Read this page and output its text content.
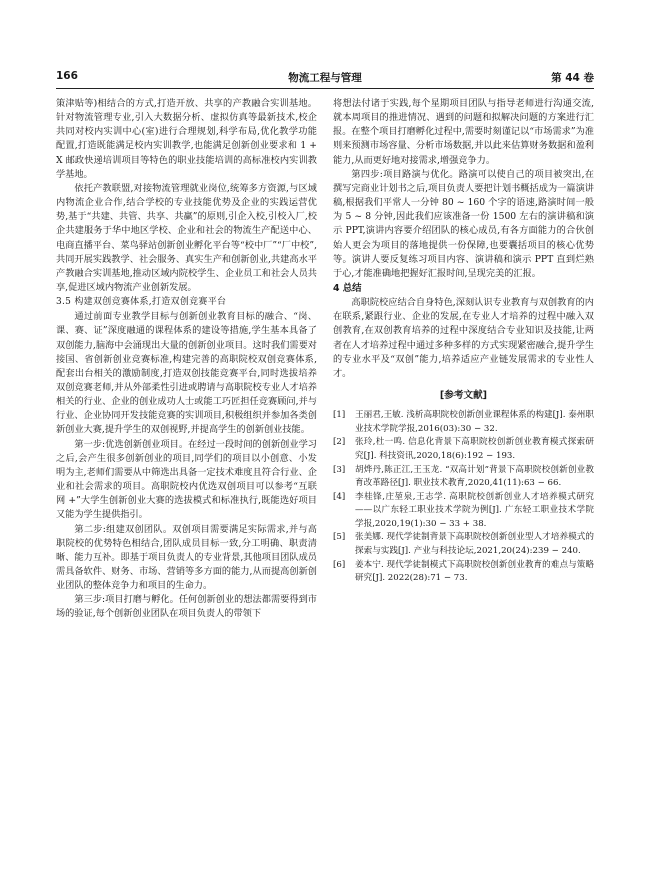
166	物流工程与管理	第 44 卷

策津贴等)相结合的方式,打造开放、共享的产教融合实训基地。针对物流管理专业,引入大数据分析、虚拟仿真等最新技术,校企共同对校内实训中心(室)进行合理规划,科学布局,优化教学功能配置,打造既能满足校内实训教学,也能满足创新创业要求和 1 + X 邮政快递培训项目等特色的职业技能培训的高标准校内实训教学基地。

依托产教联盟,对接物流管理就业岗位,统筹多方资源,与区域内物流企业合作,结合学校的专业技能优势及企业的实践运营优势,基于“共建、共管、共享、共赢”的原则,引企入校,引校入厂,校企共建服务于华中地区学校、企业和社会的物流生产配送中心、电商直播平台、菜鸟驿站创新创业孵化平台等“校中厂”“厂中校”,共同开展实践教学、社会服务、真实生产和创新创业,共建高水平产教融合实训基地,推动区域内院校学生、企业员工和社会人员共享,促进区域内物流产业创新发展。

3.5 构建双创竞赛体系,打造双创竞赛平台

通过前面专业教学目标与创新创业教育目标的融合、“岗、课、赛、证”深度融通的课程体系的建设等措施,学生基本具备了双创能力,脑海中会涌现出大量的创新创业项目。这时我们需要对接国、省创新创业竞赛标准,构建完善的高职院校双创竞赛体系,配套出台相关的激励制度,打造双创技能竞赛平台,同时选拔培养双创竞赛老师,并从外部柔性引进或聘请与高职院校专业人才培养相关的行业、企业的创业成功人士或能工巧匠担任竞赛顾问,并与行业、企业协同开发技能竞赛的实训项目,积极组织并参加各类创新创业大赛,提升学生的双创视野,并提高学生的创新创业技能。

第一步:优选创新创业项目。在经过一段时间的创新创业学习之后,会产生很多创新创业的项目,同学们的项目以小创意、小发明为主,老师们需要从中筛选出具备一定技术难度且符合行业、企业和社会需求的项目。高职院校内优选双创项目可以参考“互联网 +”大学生创新创业大赛的选拔模式和标准执行,既能选好项目又能为学生提供指引。

第二步:组建双创团队。双创项目需要满足实际需求,并与高职院校的优势特色相结合,团队成员目标一致,分工明确、职责清晰、能力互补。即基于项目负责人的专业背景,其他项目团队成员需具备软件、财务、市场、营销等多方面的能力,从而提高创新创业团队的整体竞争力和项目的生命力。

第三步:项目打磨与孵化。任何创新创业的想法都需要得到市场的验证,每个创新创业团队在项目负责人的带领下

将想法付诸于实践,每个星期项目团队与指导老师进行沟通交流,就本周项目的推进情况、遇到的问题和拟解决问题的方案进行汇报。在整个项目打磨孵化过程中,需要时刻谨记以“市场需求”为准则来预测市场容量、分析市场数据,并以此来估算财务数据和盈利能力,从而更好地对接需求,增强竞争力。

第四步:项目路演与优化。路演可以使自己的项目被突出,在撰写完商业计划书之后,项目负责人要把计划书概括成为一篇演讲稿,根据我们平常人一分钟 80 ~ 160 个字的语速,路演时间一般为 5 ~ 8 分钟,因此我们应该准备一份 1500 左右的演讲稿和演示 PPT,演讲内容要介绍团队的核心成员,有各方面能力的合伙创始人更会为项目的落地提供一份保障,也要囊括项目的核心优势等。演讲人要反复练习项目内容、演讲稿和演示 PPT 直到烂熟于心,才能准确地把握好汇报时间,呈现完美的汇报。

4 总结

高职院校应结合自身特色,深刻认识专业教育与双创教育的内在联系,紧跟行业、企业的发展,在专业人才培养的过程中融入双创教育,在双创教育培养的过程中深度结合专业知识及技能,让两者在人才培养过程中通过多种多样的方式实现紧密融合,提升学生的专业水平及“双创”能力,培养适应产业链发展需求的专业性人才。

[参考文献]
[1]	王丽君,王敏. 浅析高职院校创新创业课程体系的构建[J]. 泰州职业技术学院学报,2016(03):30 − 32.
[2]	张玲,杜一鸣. 信息化背景下高职院校创新创业教育模式探索研究[J]. 科技资讯,2020,18(6):192 − 193.
[3]	胡烨丹,陈正江,王玉龙. “双高计划”背景下高职院校创新创业教育改革路径[J]. 职业技术教育,2020,41(11):63 − 66.
[4]	李桂锋,庄堃泉,王志学. 高职院校创新创业人才培养模式研究——以广东轻工职业技术学院为例[J]. 广东轻工职业技术学院学报,2020,19(1):30 − 33 + 38.
[5]	张美娜. 现代学徒制背景下高职院校创新创业型人才培养模式的探索与实践[J]. 产业与科技论坛,2021,20(24):239 − 240.
[6]	姜本宁. 现代学徒制模式下高职院校创新创业教育的难点与策略研究[J]. 2022(28):71 − 73.
